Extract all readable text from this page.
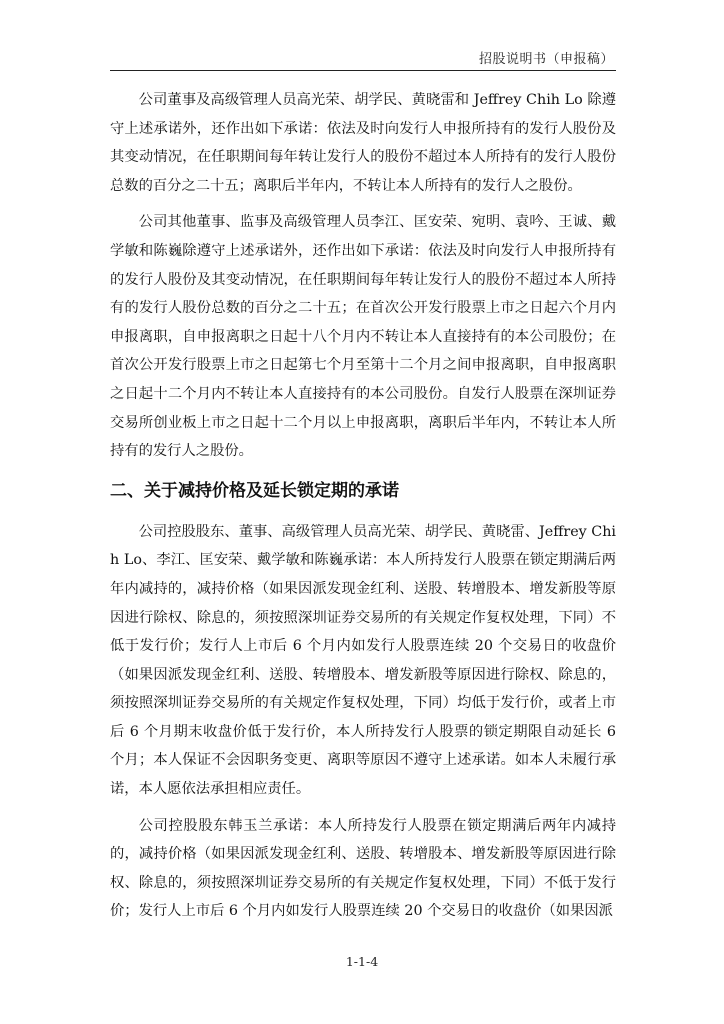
招股说明书（申报稿）

公司董事及高级管理人员高光荣、胡学民、黄晓雷和 Jeffrey Chih Lo 除遵守上述承诺外，还作出如下承诺：依法及时向发行人申报所持有的发行人股份及其变动情况，在任职期间每年转让发行人的股份不超过本人所持有的发行人股份总数的百分之二十五；离职后半年内，不转让本人所持有的发行人之股份。

公司其他董事、监事及高级管理人员李江、匡安荣、宛明、袁吟、王诚、戴学敏和陈巍除遵守上述承诺外，还作出如下承诺：依法及时向发行人申报所持有的发行人股份及其变动情况，在任职期间每年转让发行人的股份不超过本人所持有的发行人股份总数的百分之二十五；在首次公开发行股票上市之日起六个月内申报离职，自申报离职之日起十八个月内不转让本人直接持有的本公司股份；在首次公开发行股票上市之日起第七个月至第十二个月之间申报离职，自申报离职之日起十二个月内不转让本人直接持有的本公司股份。自发行人股票在深圳证券交易所创业板上市之日起十二个月以上申报离职，离职后半年内，不转让本人所持有的发行人之股份。

二、关于减持价格及延长锁定期的承诺

公司控股股东、董事、高级管理人员高光荣、胡学民、黄晓雷、Jeffrey Chih Lo、李江、匡安荣、戴学敏和陈巍承诺：本人所持发行人股票在锁定期满后两年内减持的，减持价格（如果因派发现金红利、送股、转增股本、增发新股等原因进行除权、除息的，须按照深圳证券交易所的有关规定作复权处理，下同）不低于发行价；发行人上市后 6 个月内如发行人股票连续 20 个交易日的收盘价（如果因派发现金红利、送股、转增股本、增发新股等原因进行除权、除息的，须按照深圳证券交易所的有关规定作复权处理，下同）均低于发行价，或者上市后 6 个月期末收盘价低于发行价，本人所持发行人股票的锁定期限自动延长 6 个月；本人保证不会因职务变更、离职等原因不遵守上述承诺。如本人未履行承诺，本人愿依法承担相应责任。

公司控股股东韩玉兰承诺：本人所持发行人股票在锁定期满后两年内减持的，减持价格（如果因派发现金红利、送股、转增股本、增发新股等原因进行除权、除息的，须按照深圳证券交易所的有关规定作复权处理，下同）不低于发行价；发行人上市后 6 个月内如发行人股票连续 20 个交易日的收盘价（如果因派

1-1-4
